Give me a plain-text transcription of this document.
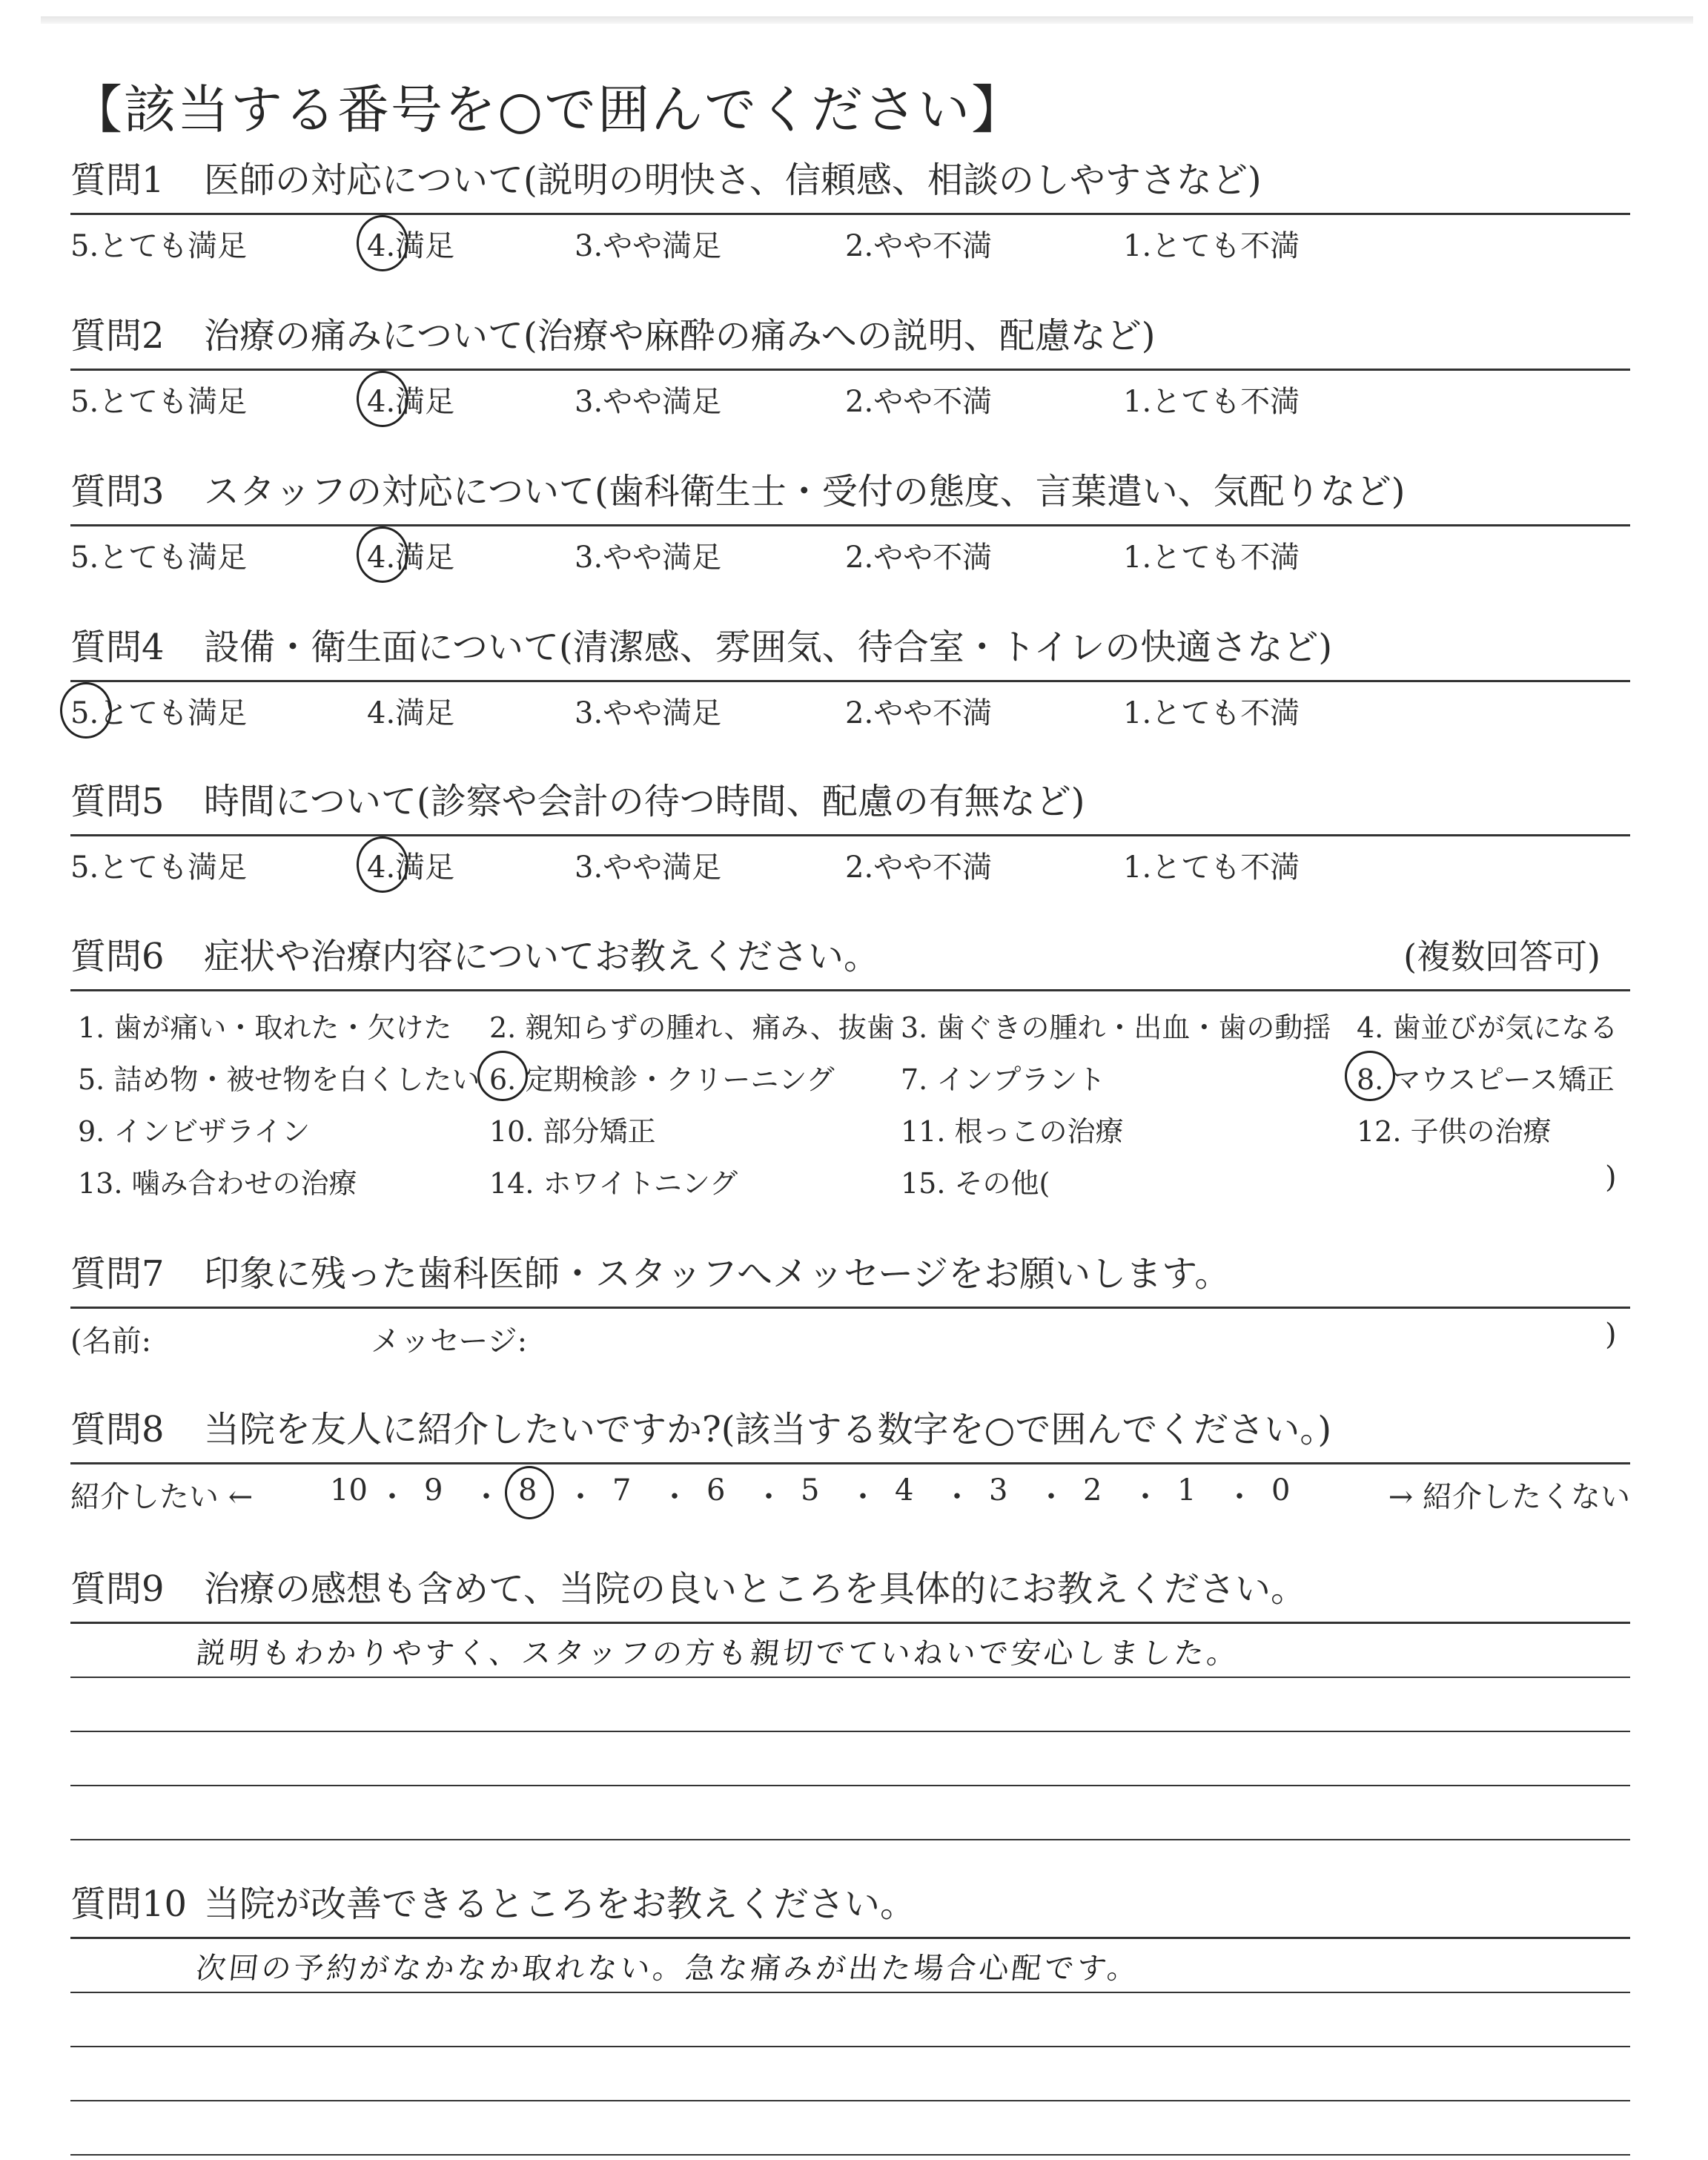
【該当する番号を○で囲んでください】
質問1 医師の対応について(説明の明快さ、信頼感、相談のしやすさなど)
5.とても満足	4.満足	3.やや満足	2.やや不満	1.とても不満
質問2 治療の痛みについて(治療や麻酔の痛みへの説明、配慮など)
5.とても満足	4.満足	3.やや満足	2.やや不満	1.とても不満
質問3 スタッフの対応について(歯科衛生士・受付の態度、言葉遣い、気配りなど)
5.とても満足	4.満足	3.やや満足	2.やや不満	1.とても不満
質問4 設備・衛生面について(清潔感、雰囲気、待合室・トイレの快適さなど)
5.とても満足	4.満足	3.やや満足	2.やや不満	1.とても不満
質問5 時間について(診察や会計の待つ時間、配慮の有無など)
5.とても満足	4.満足	3.やや満足	2.やや不満	1.とても不満
質問6 症状や治療内容についてお教えください。	(複数回答可)
)
1. 歯が痛い・取れた・欠けた 2. 親知らずの腫れ、痛み、抜歯 3. 歯ぐきの腫れ・出血・歯の動揺 4. 歯並びが気になる
5. 詰め物・被せ物を白くしたい 6. 定期検診・クリーニング 7. インプラント	8. マウスピース矯正
9. インビザライン	10. 部分矯正	11. 根っこの治療	12. 子供の治療
13. 噛み合わせの治療	14. ホワイトニング	15. その他(
質問7 印象に残った歯科医師・スタッフへメッセージをお願いします。
(名前:	メッセージ:	)
質問8 当院を友人に紹介したいですか?(該当する数字を○で囲んでください。)
紹介したい ←	→ 紹介したくない
10 ・ 9 ・ 8 ・ 7 ・ 6 ・ 5 ・ 4 ・ 3 ・ 2 ・ 1 ・ 0
質問9 治療の感想も含めて、当院の良いところを具体的にお教えください。
説明もわかりやすく、スタッフの方も親切でていねいで安心しました。
質問10 当院が改善できるところをお教えください。
次回の予約がなかなか取れない。急な痛みが出た場合心配です。
